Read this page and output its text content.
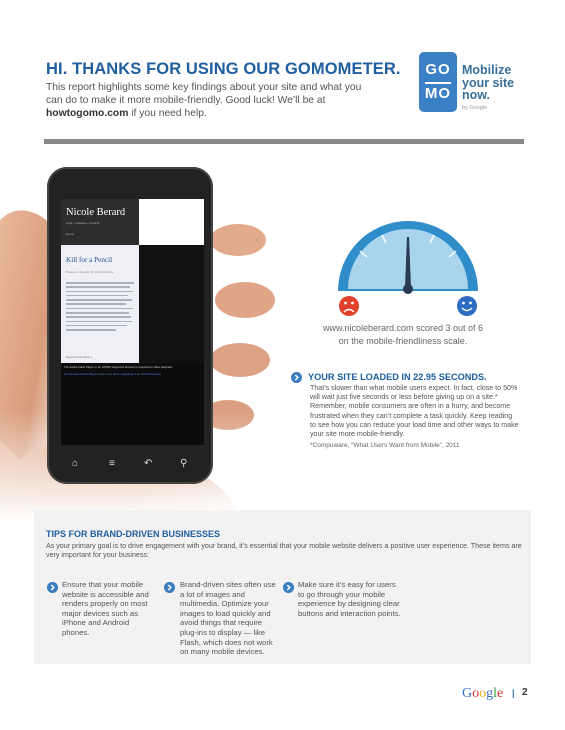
HI. THANKS FOR USING OUR GOMOMETER.
This report highlights some key findings about your site and what you can do to make it more mobile-friendly. Good luck! We’ll be at howtogomo.com if you need help.
GO
MO
Mobilize
your site
now.
by Google
Nicole Berard
Logic + Creative + Content
Home
Kill for a Pencil
Posted on January 15, 2013 by Nicole
Read the full article »
The Adobe Flash Player or an HTML5 supported browser is required for video playback.
Get the latest Flash Player Learn more about upgrading to an HTML5 browser
⌂	≡	↶	⚲
www.nicoleberard.com scored 3 out of 6
on the mobile-friendliness scale.
YOUR SITE LOADED IN 22.95 SECONDS.
That’s slower than what mobile users expect. In fact, close to 50% will wait just five seconds or less before giving up on a site.* Remember, mobile consumers are often in a hurry, and become frustrated when they can’t complete a task quickly. Keep reading to see how you can reduce your load time and other ways to make your site more mobile-friendly.
*Compuware, “What Users Want from Mobile”, 2011
TIPS FOR BRAND-DRIVEN BUSINESSES
As your primary goal is to drive engagement with your brand, it’s essential that your mobile website delivers a positive user experience. These items are very important for your business:
Ensure that your mobile website is accessible and renders properly on most major devices such as iPhone and Android phones.
Brand-driven sites often use a lot of images and multimedia. Optimize your images to load quickly and avoid things that require plug-ins to display — like Flash, which does not work on many mobile devices.
Make sure it’s easy for users to go through your mobile experience by designing clear buttons and interaction points.
Google | 2
